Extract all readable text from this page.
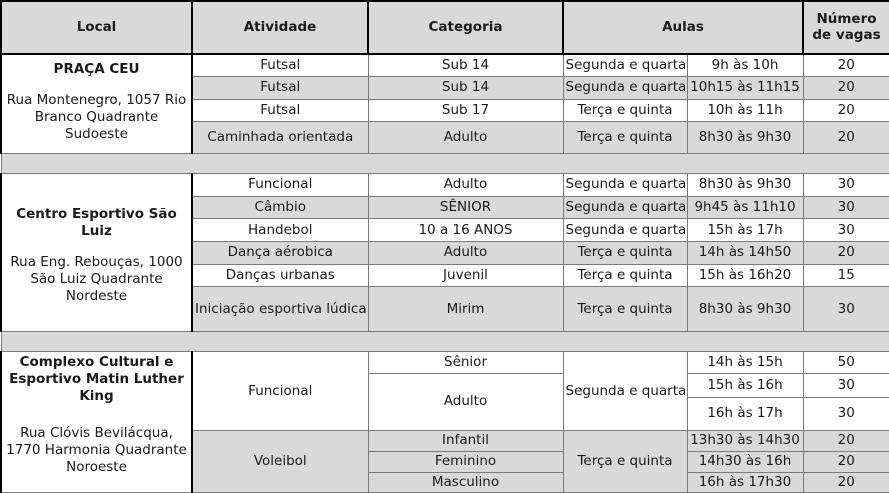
Local	Atividade	Categoria	Aulas		Número de vagas

PRAÇA CEU
Rua Montenegro, 1057 Rio Branco Quadrante Sudoeste	Futsal	Sub 14	Segunda e quarta	9h às 10h	20
	Futsal	Sub 14	Segunda e quarta	10h15 às 11h15	20
	Futsal	Sub 17	Terça e quinta	10h às 11h	20
	Caminhada orientada	Adulto	Terça e quinta	8h30 às 9h30	20

Centro Esportivo São Luiz
Rua Eng. Rebouças, 1000 São Luiz Quadrante Nordeste	Funcional	Adulto	Segunda e quarta	8h30 às 9h30	30
	Câmbio	SÊNIOR	Segunda e quarta	9h45 às 11h10	30
	Handebol	10 a 16 ANOS	Segunda e quarta	15h às 17h	30
	Dança aérobica	Adulto	Terça e quinta	14h às 14h50	20
	Danças urbanas	Juvenil	Terça e quinta	15h às 16h20	15
	Iniciação esportiva lúdica	Mirim	Terça e quinta	8h30 às 9h30	30

Complexo Cultural e Esportivo Matin Luther King
Rua Clóvis Bevilácqua, 1770 Harmonia Quadrante Noroeste	Funcional	Sênior	Segunda e quarta	14h às 15h	50
		Adulto		15h às 16h	30
				16h às 17h	30
	Voleibol	Infantil	Terça e quinta	13h30 às 14h30	20
		Feminino		14h30 às 16h	20
		Masculino		16h às 17h30	20
